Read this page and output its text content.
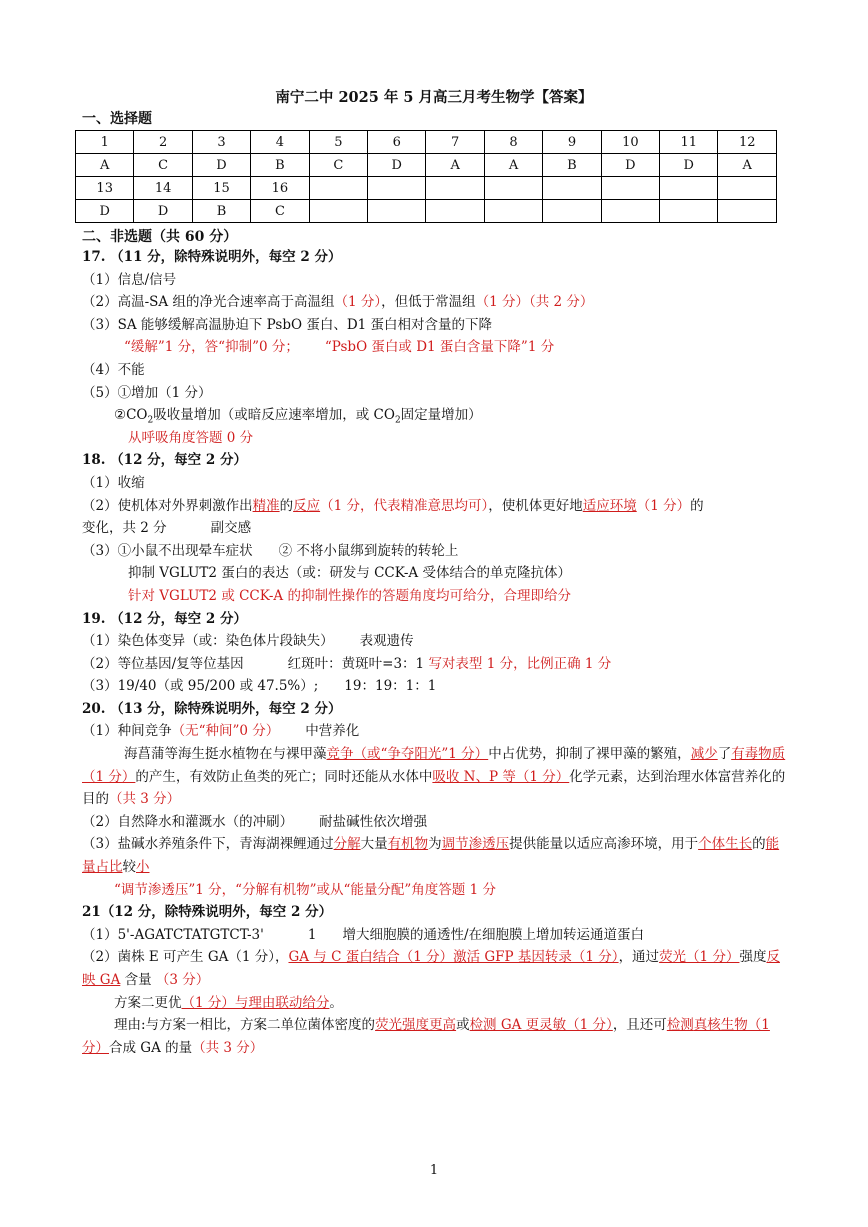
南宁二中 2025 年 5 月高三月考生物学【答案】
一、选择题
1	2	3	4	5	6	7	8	9	10	11	12
A	C	D	B	C	D	A	A	B	D	D	A
13	14	15	16								
D	D	B	C								
二、非选题（共 60 分）
17. （11 分，除特殊说明外，每空 2 分）
（1）信息/信号
（2）高温-SA 组的净光合速率高于高温组（1 分），但低于常温组（1 分）（共 2 分）
（3）SA 能够缓解高温胁迫下 PsbO 蛋白、D1 蛋白相对含量的下降
“缓解”1 分，答“抑制”0 分； “PsbO 蛋白或 D1 蛋白含量下降”1 分
（4）不能
（5）①增加（1 分）
$②CO_2$吸收量增加（或暗反应速率增加，或 $CO_2$固定量增加）
从呼吸角度答题 0 分
18. （12 分，每空 2 分）
（1）收缩
（2）使机体对外界刺激作出精准的反应（1 分，代表精准意思均可），使机体更好地适应环境（1 分）的
变化，共 2 分	副交感
（3）①小鼠不出现晕车症状 ② 不将小鼠绑到旋转的转轮上
抑制 VGLUT2 蛋白的表达（或：研发与 CCK-A 受体结合的单克隆抗体）
针对 VGLUT2 或 CCK-A 的抑制性操作的答题角度均可给分，合理即给分
19. （12 分，每空 2 分）
（1）染色体变异（或：染色体片段缺失） 表观遗传
（2）等位基因/复等位基因	红斑叶：黄斑叶=3：1 写对表型 1 分，比例正确 1 分
（3）19/40（或 95/200 或 47.5%）; 19：19：1：1
20. （13 分，除特殊说明外，每空 2 分）
（1）种间竞争（无“种间”0 分） 中营养化
海菖蒲等海生挺水植物在与裸甲藻竞争（或“争夺阳光”1 分）中占优势，抑制了裸甲藻的繁殖，减少了有毒物质（1 分）的产生，有效防止鱼类的死亡；同时还能从水体中吸收 N、P 等（1 分）化学元素，达到治理水体富营养化的目的（共 3 分）
（2）自然降水和灌溉水（的冲刷） 耐盐碱性依次增强
（3）盐碱水养殖条件下，青海湖裸鲤通过分解大量有机物为调节渗透压提供能量以适应高渗环境，用于个体生长的能量占比较小
“调节渗透压”1 分，“分解有机物”或从“能量分配”角度答题 1 分
21（12 分，除特殊说明外，每空 2 分）
（1）5'-AGATCTATGTCT-3'	1 增大细胞膜的通透性/在细胞膜上增加转运通道蛋白
（2）菌株 E 可产生 GA（1 分），GA 与 C 蛋白结合（1 分）激活 GFP 基因转录（1 分），通过荧光（1 分）强度反映 GA 含量 （3 分）
方案二更优（1 分）与理由联动给分。
理由:与方案一相比，方案二单位菌体密度的荧光强度更高或检测 GA 更灵敏（1 分），且还可检测真核生物（1 分）合成 GA 的量（共 3 分）
1
